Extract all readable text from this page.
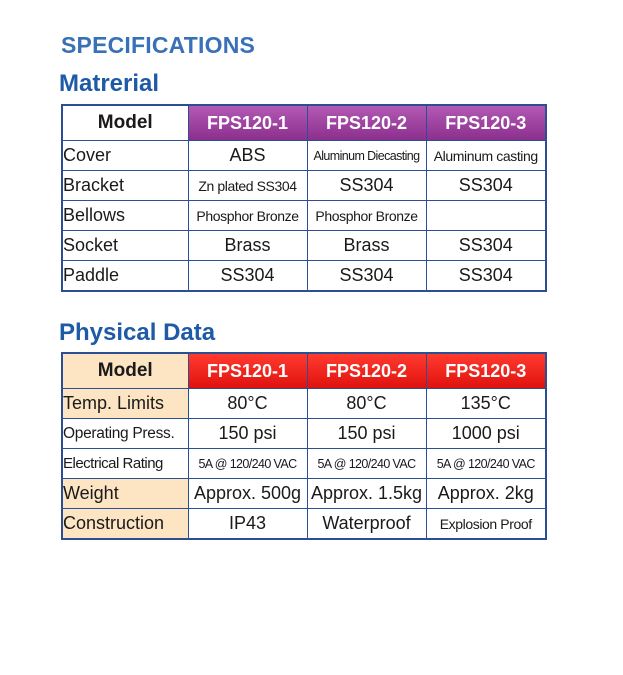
SPECIFICATIONS
Matrerial
Model	FPS120-1	FPS120-2	FPS120-3
Cover	ABS	Aluminum Diecasting	Aluminum casting
Bracket	Zn plated SS304	SS304	SS304
Bellows	Phosphor Bronze	Phosphor Bronze	
Socket	Brass	Brass	SS304
Paddle	SS304	SS304	SS304
Physical Data
Model	FPS120-1	FPS120-2	FPS120-3
Temp. Limits	80°C	80°C	135°C
Operating Press.	150 psi	150 psi	1000 psi
Electrical Rating	5A @ 120/240 VAC	5A @ 120/240 VAC	5A @ 120/240 VAC
Weight	Approx. 500g	Approx. 1.5kg	Approx. 2kg
Construction	IP43	Waterproof	Explosion Proof
